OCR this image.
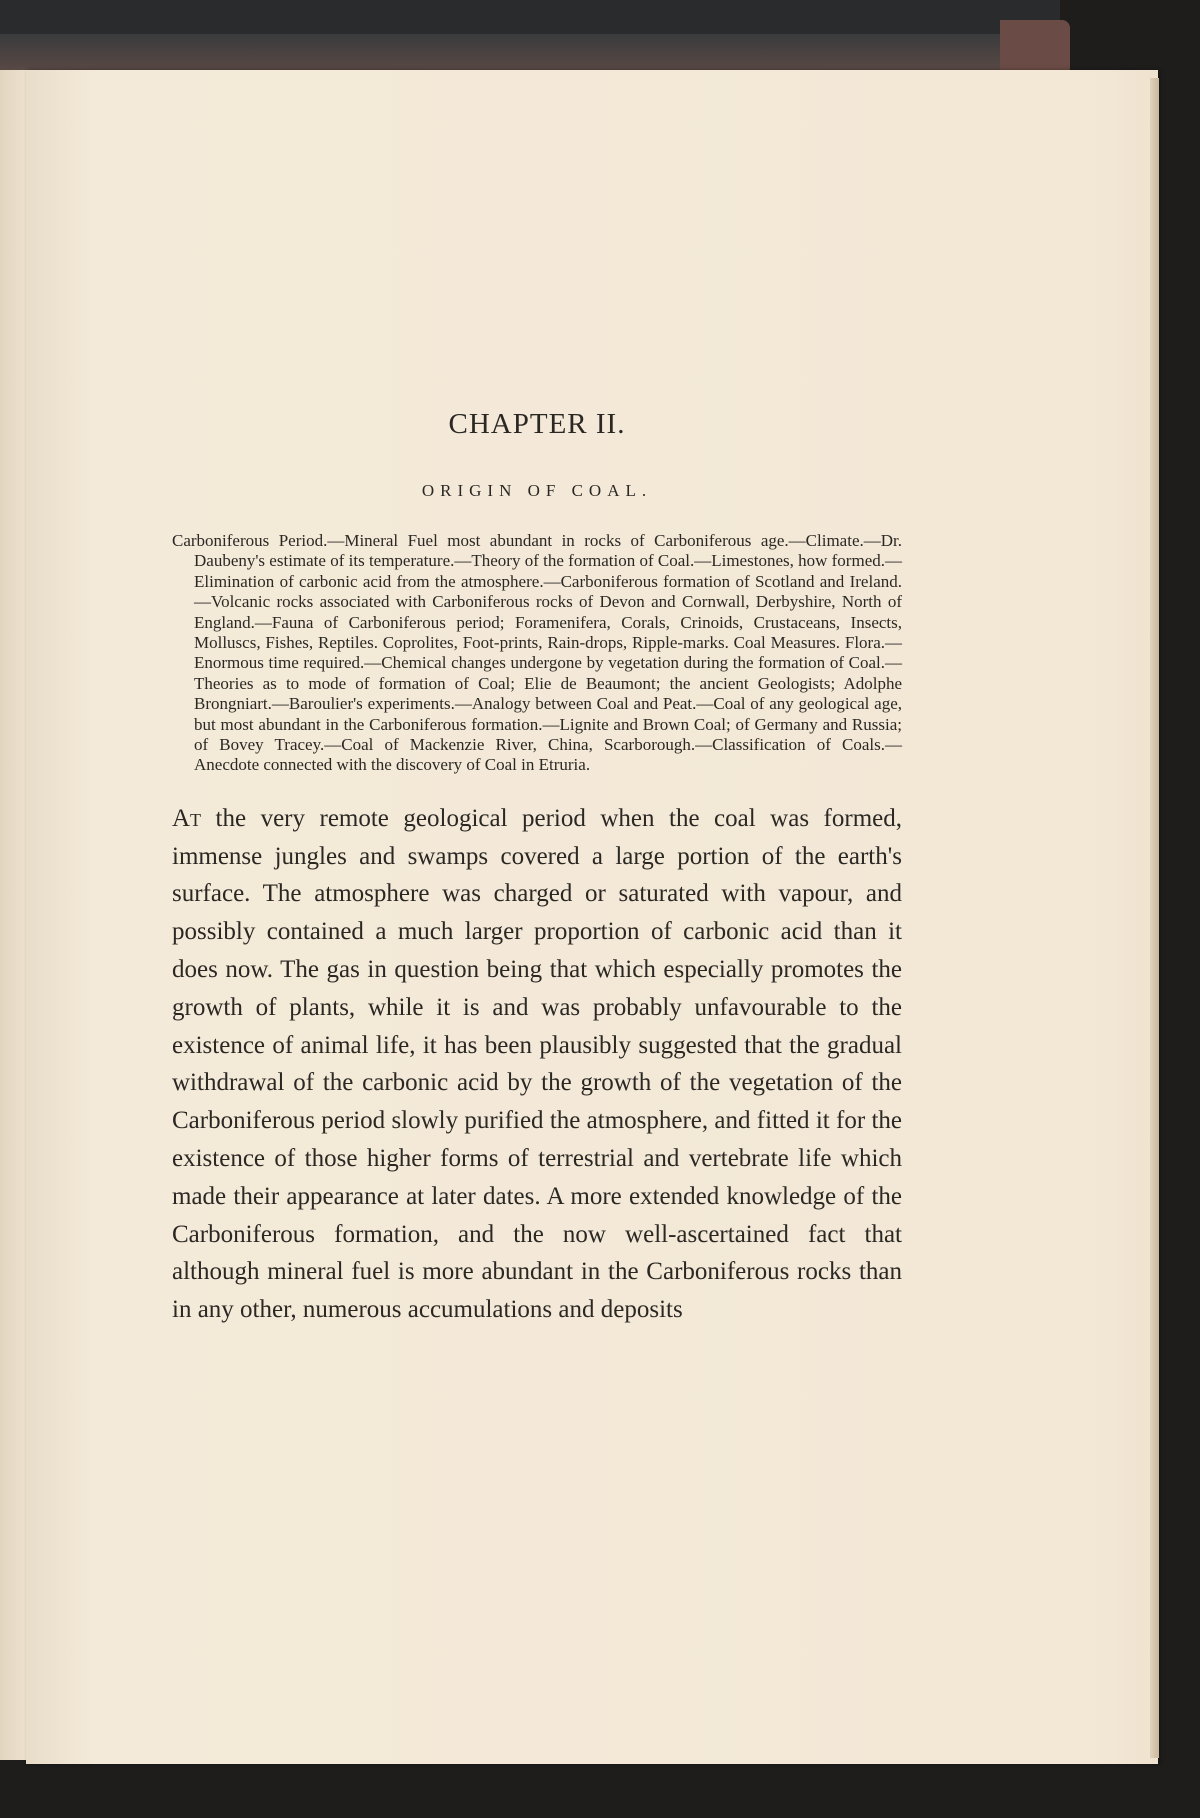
CHAPTER II.
ORIGIN OF COAL.

Carboniferous Period.—Mineral Fuel most abundant in rocks of Carboniferous age.—Climate.—Dr. Daubeny's estimate of its temperature.—Theory of the formation of Coal.—Limestones, how formed.—Elimination of carbonic acid from the atmosphere.—Carboniferous formation of Scotland and Ireland.—Volcanic rocks associated with Carboniferous rocks of Devon and Cornwall, Derbyshire, North of England.—Fauna of Carboniferous period; Foramenifera, Corals, Crinoids, Crustaceans, Insects, Molluscs, Fishes, Reptiles. Coprolites, Foot-prints, Rain-drops, Ripple-marks. Coal Measures. Flora.—Enormous time required.—Chemical changes undergone by vegetation during the formation of Coal.—Theories as to mode of formation of Coal; Elie de Beaumont; the ancient Geologists; Adolphe Brongniart.—Baroulier's experiments.—Analogy between Coal and Peat.—Coal of any geological age, but most abundant in the Carboniferous formation.—Lignite and Brown Coal; of Germany and Russia; of Bovey Tracey.—Coal of Mackenzie River, China, Scarborough.—Classification of Coals.—Anecdote connected with the discovery of Coal in Etruria.

At the very remote geological period when the coal was formed, immense jungles and swamps covered a large portion of the earth's surface. The atmosphere was charged or saturated with vapour, and possibly contained a much larger proportion of carbonic acid than it does now. The gas in question being that which especially promotes the growth of plants, while it is and was probably unfavourable to the existence of animal life, it has been plausibly suggested that the gradual withdrawal of the carbonic acid by the growth of the vegetation of the Carboniferous period slowly purified the atmosphere, and fitted it for the existence of those higher forms of terrestrial and vertebrate life which made their appearance at later dates. A more extended knowledge of the Carboniferous formation, and the now well-ascertained fact that although mineral fuel is more abundant in the Carboniferous rocks than in any other, numerous accumulations and deposits
